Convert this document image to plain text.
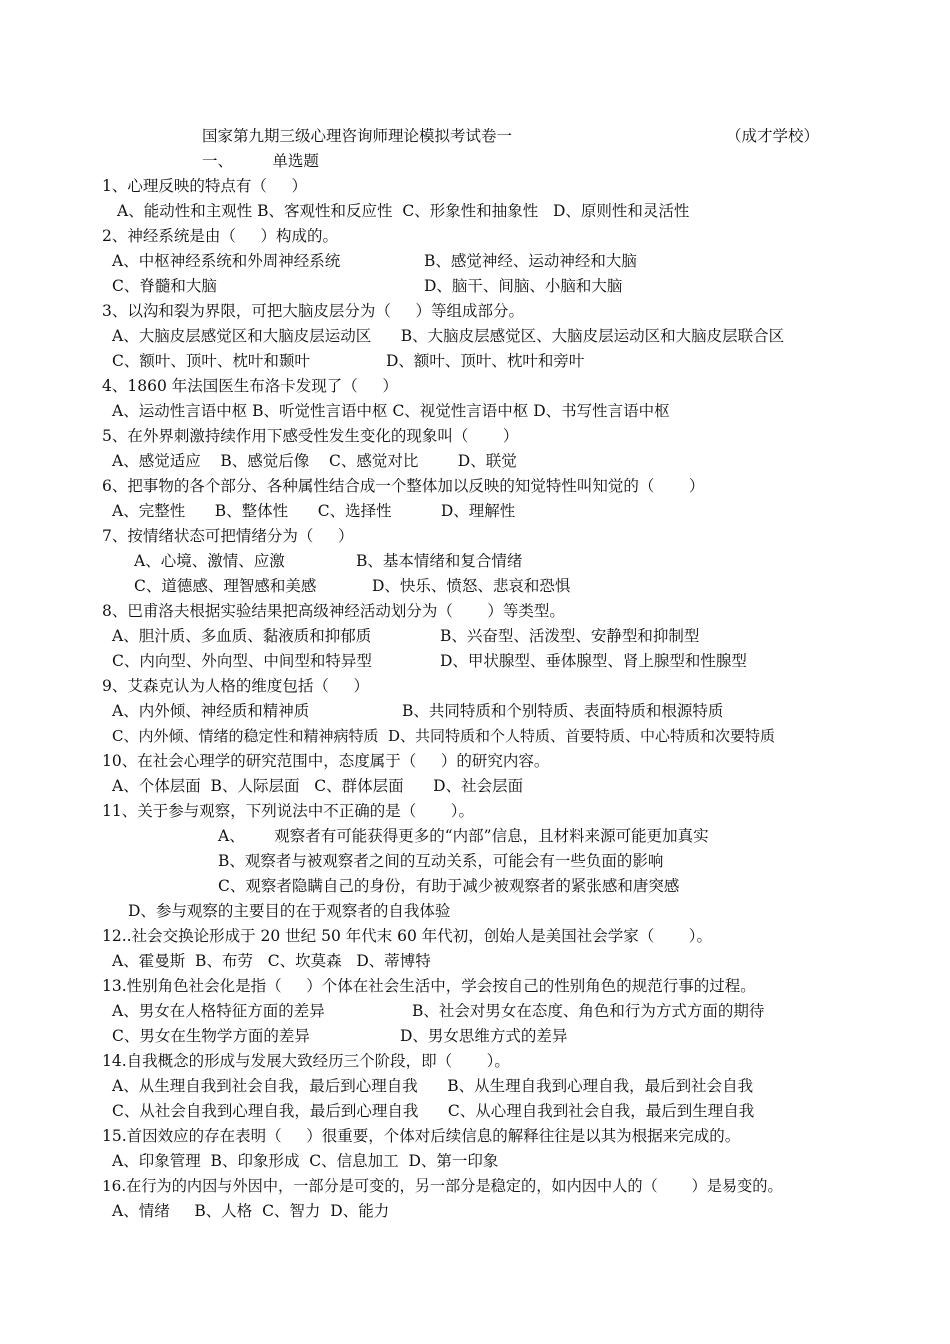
国家第九期三级心理咨询师理论模拟考试卷一	（成才学校）
一、        单选题
1、心理反映的特点有（     ）
A、能动性和主观性 B、客观性和反应性  C、形象性和抽象性   D、原则性和灵活性
2、神经系统是由（     ）构成的。
A、中枢神经系统和外周神经系统	B、感觉神经、运动神经和大脑
C、脊髓和大脑	D、脑干、间脑、小脑和大脑
3、以沟和裂为界限，可把大脑皮层分为（     ）等组成部分。
A、大脑皮层感觉区和大脑皮层运动区      B、大脑皮层感觉区、大脑皮层运动区和大脑皮层联合区
C、额叶、顶叶、枕叶和颞叶	D、额叶、顶叶、枕叶和旁叶
4、1860 年法国医生布洛卡发现了（     ）
A、运动性言语中枢 B、听觉性言语中枢 C、视觉性言语中枢 D、书写性言语中枢
5、在外界刺激持续作用下感受性发生变化的现象叫（       ）
A、感觉适应    B、感觉后像    C、感觉对比        D、联觉
6、把事物的各个部分、各种属性结合成一个整体加以反映的知觉特性叫知觉的（       ）
A、完整性      B、整体性      C、选择性          D、理解性
7、按情绪状态可把情绪分为（     ）
A、心境、激情、应激	B、基本情绪和复合情绪
C、道德感、理智感和美感	D、快乐、愤怒、悲哀和恐惧
8、巴甫洛夫根据实验结果把高级神经活动划分为（       ）等类型。
A、胆汁质、多血质、黏液质和抑郁质	B、兴奋型、活泼型、安静型和抑制型
C、内向型、外向型、中间型和特异型	D、甲状腺型、垂体腺型、肾上腺型和性腺型
9、艾森克认为人格的维度包括（     ）
A、内外倾、神经质和精神质	B、共同特质和个别特质、表面特质和根源特质
C、内外倾、情绪的稳定性和精神病特质  D、共同特质和个人特质、首要特质、中心特质和次要特质
10、在社会心理学的研究范围中，态度属于（     ）的研究内容。
A、个体层面  B、人际层面   C、群体层面      D、社会层面
11、关于参与观察，下列说法中不正确的是（       ）。
A、      观察者有可能获得更多的“内部”信息，且材料来源可能更加真实
B、观察者与被观察者之间的互动关系，可能会有一些负面的影响
C、观察者隐瞒自己的身份，有助于减少被观察者的紧张感和唐突感
D、参与观察的主要目的在于观察者的自我体验
12..社会交换论形成于 20 世纪 50 年代末 60 年代初，创始人是美国社会学家（       ）。
A、霍曼斯  B、布劳   C、坎莫森   D、蒂博特
13.性别角色社会化是指（     ）个体在社会生活中，学会按自己的性别角色的规范行事的过程。
A、男女在人格特征方面的差异	B、社会对男女在态度、角色和行为方式方面的期待
C、男女在生物学方面的差异	D、男女思维方式的差异
14.自我概念的形成与发展大致经历三个阶段，即（       ）。
A、从生理自我到社会自我，最后到心理自我      B、从生理自我到心理自我，最后到社会自我
C、从社会自我到心理自我，最后到心理自我      C、从心理自我到社会自我，最后到生理自我
15.首因效应的存在表明（     ）很重要，个体对后续信息的解释往往是以其为根据来完成的。
A、印象管理  B、印象形成  C、信息加工  D、第一印象
16.在行为的内因与外因中，一部分是可变的，另一部分是稳定的，如内因中人的（       ）是易变的。
A、情绪     B、人格  C、智力  D、能力
